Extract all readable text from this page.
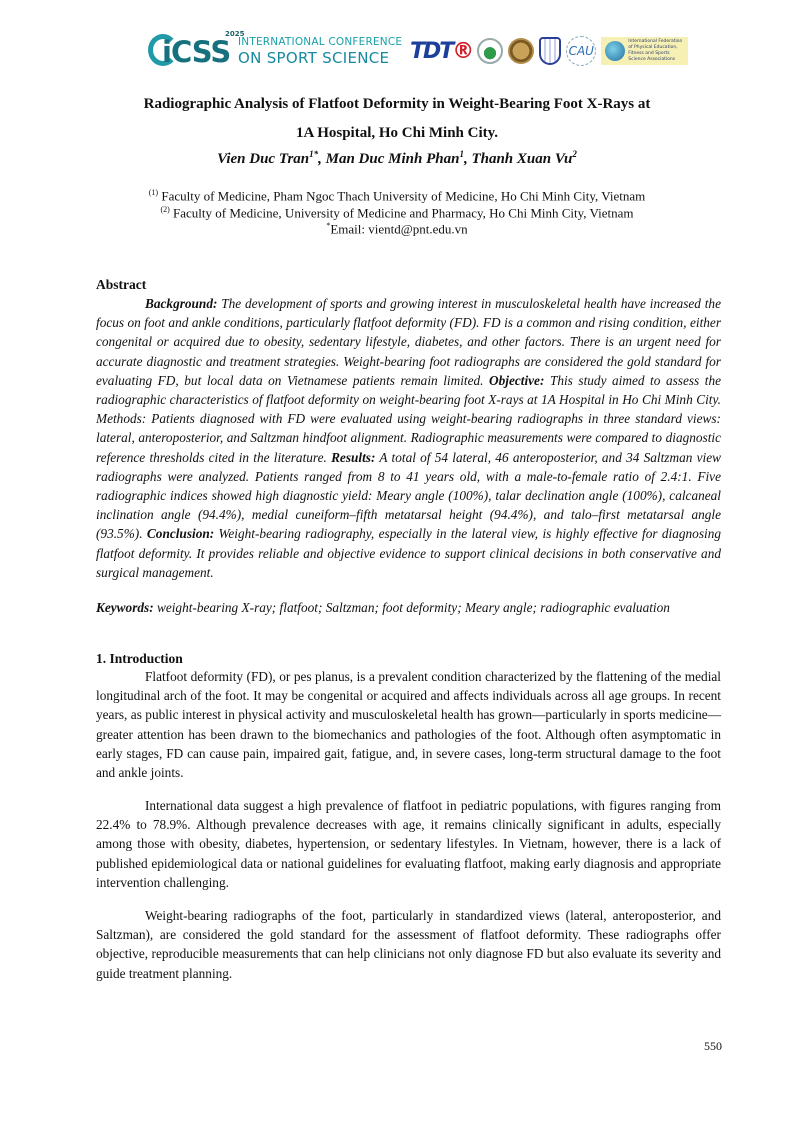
iCSS
2025
INTERNATIONAL CONFERENCE
ON SPORT SCIENCE TDT®	CAU
International Federation of Physical Education, Fitness and Sports Science Associations
Radiographic Analysis of Flatfoot Deformity in Weight-Bearing Foot X-Rays at
1A Hospital, Ho Chi Minh City.
Vien Duc Tran$^{1*}$, Man Duc Minh Phan$^1$, Thanh Xuan Vu$^2$
$^{(1)}$ Faculty of Medicine, Pham Ngoc Thach University of Medicine, Ho Chi Minh City, Vietnam
$^{(2)}$ Faculty of Medicine, University of Medicine and Pharmacy, Ho Chi Minh City, Vietnam
*Email: vientd@pnt.edu.vn
Abstract
Background: The development of sports and growing interest in musculoskeletal health have increased the focus on foot and ankle conditions, particularly flatfoot deformity (FD). FD is a common and rising condition, either congenital or acquired due to obesity, sedentary lifestyle, diabetes, and other factors. There is an urgent need for accurate diagnostic and treatment strategies. Weight-bearing foot radiographs are considered the gold standard for evaluating FD, but local data on Vietnamese patients remain limited. Objective: This study aimed to assess the radiographic characteristics of flatfoot deformity on weight-bearing foot X-rays at 1A Hospital in Ho Chi Minh City. Methods: Patients diagnosed with FD were evaluated using weight-bearing radiographs in three standard views: lateral, anteroposterior, and Saltzman hindfoot alignment. Radiographic measurements were compared to diagnostic reference thresholds cited in the literature. Results: A total of 54 lateral, 46 anteroposterior, and 34 Saltzman view radiographs were analyzed. Patients ranged from 8 to 41 years old, with a male-to-female ratio of 2.4:1. Five radiographic indices showed high diagnostic yield: Meary angle (100%), talar declination angle (100%), calcaneal inclination angle (94.4%), medial cuneiform–fifth metatarsal height (94.4%), and talo–first metatarsal angle (93.5%). Conclusion: Weight-bearing radiography, especially in the lateral view, is highly effective for diagnosing flatfoot deformity. It provides reliable and objective evidence to support clinical decisions in both conservative and surgical management.
Keywords: weight-bearing X-ray; flatfoot; Saltzman; foot deformity; Meary angle; radiographic evaluation
1. Introduction
Flatfoot deformity (FD), or pes planus, is a prevalent condition characterized by the flattening of the medial longitudinal arch of the foot. It may be congenital or acquired and affects individuals across all age groups. In recent years, as public interest in physical activity and musculoskeletal health has grown—particularly in sports medicine—greater attention has been drawn to the biomechanics and pathologies of the foot. Although often asymptomatic in early stages, FD can cause pain, impaired gait, fatigue, and, in severe cases, long-term structural damage to the foot and ankle joints.
International data suggest a high prevalence of flatfoot in pediatric populations, with figures ranging from 22.4% to 78.9%. Although prevalence decreases with age, it remains clinically significant in adults, especially among those with obesity, diabetes, hypertension, or sedentary lifestyles. In Vietnam, however, there is a lack of published epidemiological data or national guidelines for evaluating flatfoot, making early diagnosis and appropriate intervention challenging.
Weight-bearing radiographs of the foot, particularly in standardized views (lateral, anteroposterior, and Saltzman), are considered the gold standard for the assessment of flatfoot deformity. These radiographs offer objective, reproducible measurements that can help clinicians not only diagnose FD but also evaluate its severity and guide treatment planning.
550
